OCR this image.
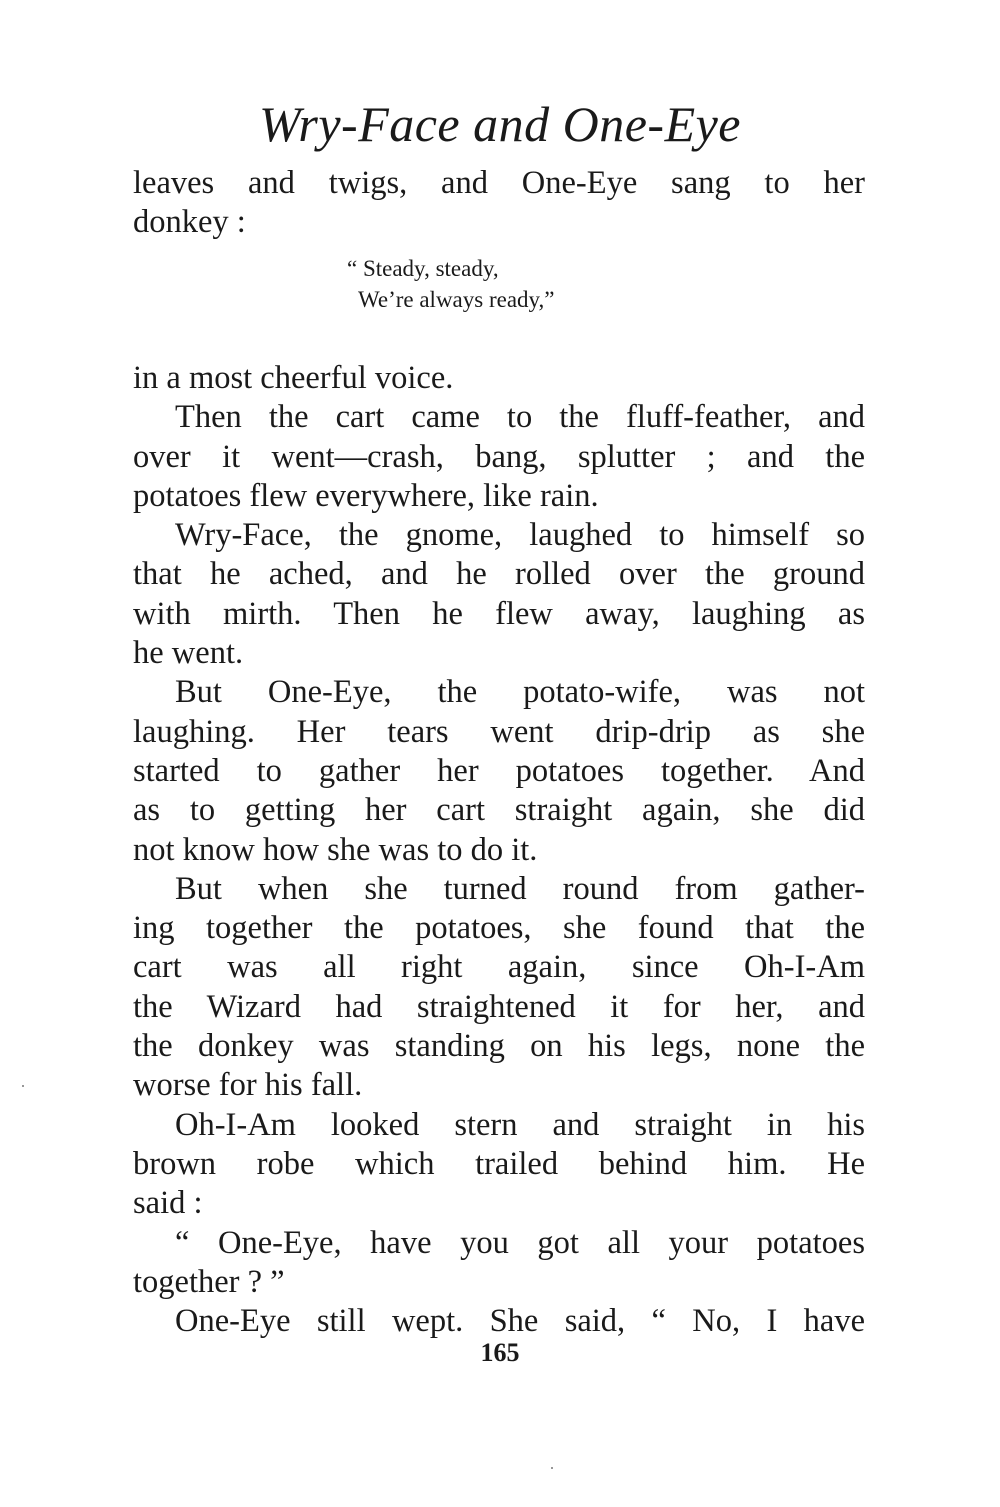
Wry-Face and One-Eye
leaves and twigs, and One-Eye sang to her
donkey :
“ Steady, steady,
We’re always ready,”
in a most cheerful voice.
Then the cart came to the fluff-feather, and
over it went—crash, bang, splutter ; and the
potatoes flew everywhere, like rain.
Wry-Face, the gnome, laughed to himself so
that he ached, and he rolled over the ground
with mirth. Then he flew away, laughing as
he went.
But One-Eye, the potato-wife, was not
laughing. Her tears went drip-drip as she
started to gather her potatoes together. And
as to getting her cart straight again, she did
not know how she was to do it.
But when she turned round from gather-
ing together the potatoes, she found that the
cart was all right again, since Oh-I-Am
the Wizard had straightened it for her, and
the donkey was standing on his legs, none the
worse for his fall.
Oh-I-Am looked stern and straight in his
brown robe which trailed behind him. He
said :
“ One-Eye, have you got all your potatoes
together ? ”
One-Eye still wept. She said, “ No, I have
165
